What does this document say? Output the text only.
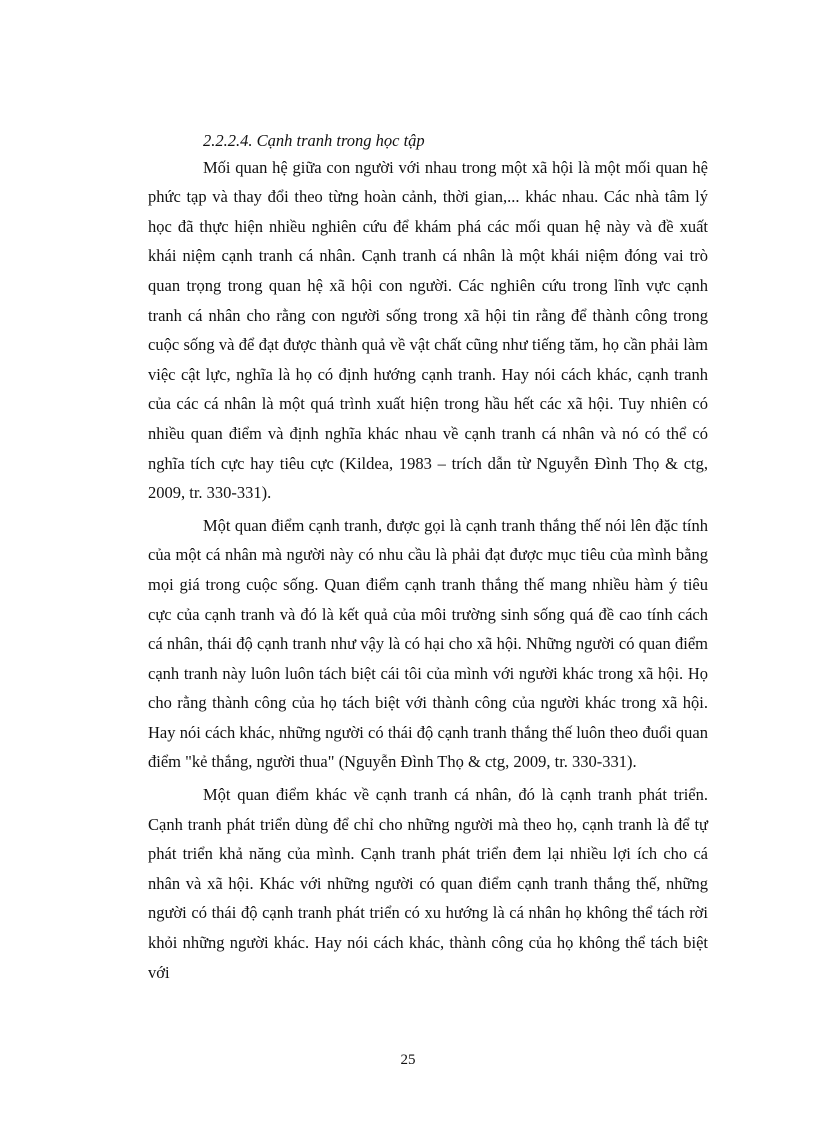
2.2.2.4. Cạnh tranh trong học tập

Mối quan hệ giữa con người với nhau trong một xã hội là một mối quan hệ phức tạp và thay đổi theo từng hoàn cảnh, thời gian,... khác nhau. Các nhà tâm lý học đã thực hiện nhiều nghiên cứu để khám phá các mối quan hệ này và đề xuất khái niệm cạnh tranh cá nhân. Cạnh tranh cá nhân là một khái niệm đóng vai trò quan trọng trong quan hệ xã hội con người. Các nghiên cứu trong lĩnh vực cạnh tranh cá nhân cho rằng con người sống trong xã hội tin rằng để thành công trong cuộc sống và để đạt được thành quả về vật chất cũng như tiếng tăm, họ cần phải làm việc cật lực, nghĩa là họ có định hướng cạnh tranh. Hay nói cách khác, cạnh tranh của các cá nhân là một quá trình xuất hiện trong hầu hết các xã hội. Tuy nhiên có nhiều quan điểm và định nghĩa khác nhau về cạnh tranh cá nhân và nó có thể có nghĩa tích cực hay tiêu cực (Kildea, 1983 – trích dẫn từ Nguyễn Đình Thọ & ctg, 2009, tr. 330-331).

Một quan điểm cạnh tranh, được gọi là cạnh tranh thắng thế nói lên đặc tính của một cá nhân mà người này có nhu cầu là phải đạt được mục tiêu của mình bằng mọi giá trong cuộc sống. Quan điểm cạnh tranh thắng thế mang nhiều hàm ý tiêu cực của cạnh tranh và đó là kết quả của môi trường sinh sống quá đề cao tính cách cá nhân, thái độ cạnh tranh như vậy là có hại cho xã hội. Những người có quan điểm cạnh tranh này luôn luôn tách biệt cái tôi của mình với người khác trong xã hội. Họ cho rằng thành công của họ tách biệt với thành công của người khác trong xã hội. Hay nói cách khác, những người có thái độ cạnh tranh thắng thế luôn theo đuổi quan điểm "kẻ thắng, người thua" (Nguyễn Đình Thọ & ctg, 2009, tr. 330-331).

Một quan điểm khác về cạnh tranh cá nhân, đó là cạnh tranh phát triển. Cạnh tranh phát triển dùng để chỉ cho những người mà theo họ, cạnh tranh là để tự phát triển khả năng của mình. Cạnh tranh phát triển đem lại nhiều lợi ích cho cá nhân và xã hội. Khác với những người có quan điểm cạnh tranh thắng thế, những người có thái độ cạnh tranh phát triển có xu hướng là cá nhân họ không thể tách rời khỏi những người khác. Hay nói cách khác, thành công của họ không thể tách biệt với

25
